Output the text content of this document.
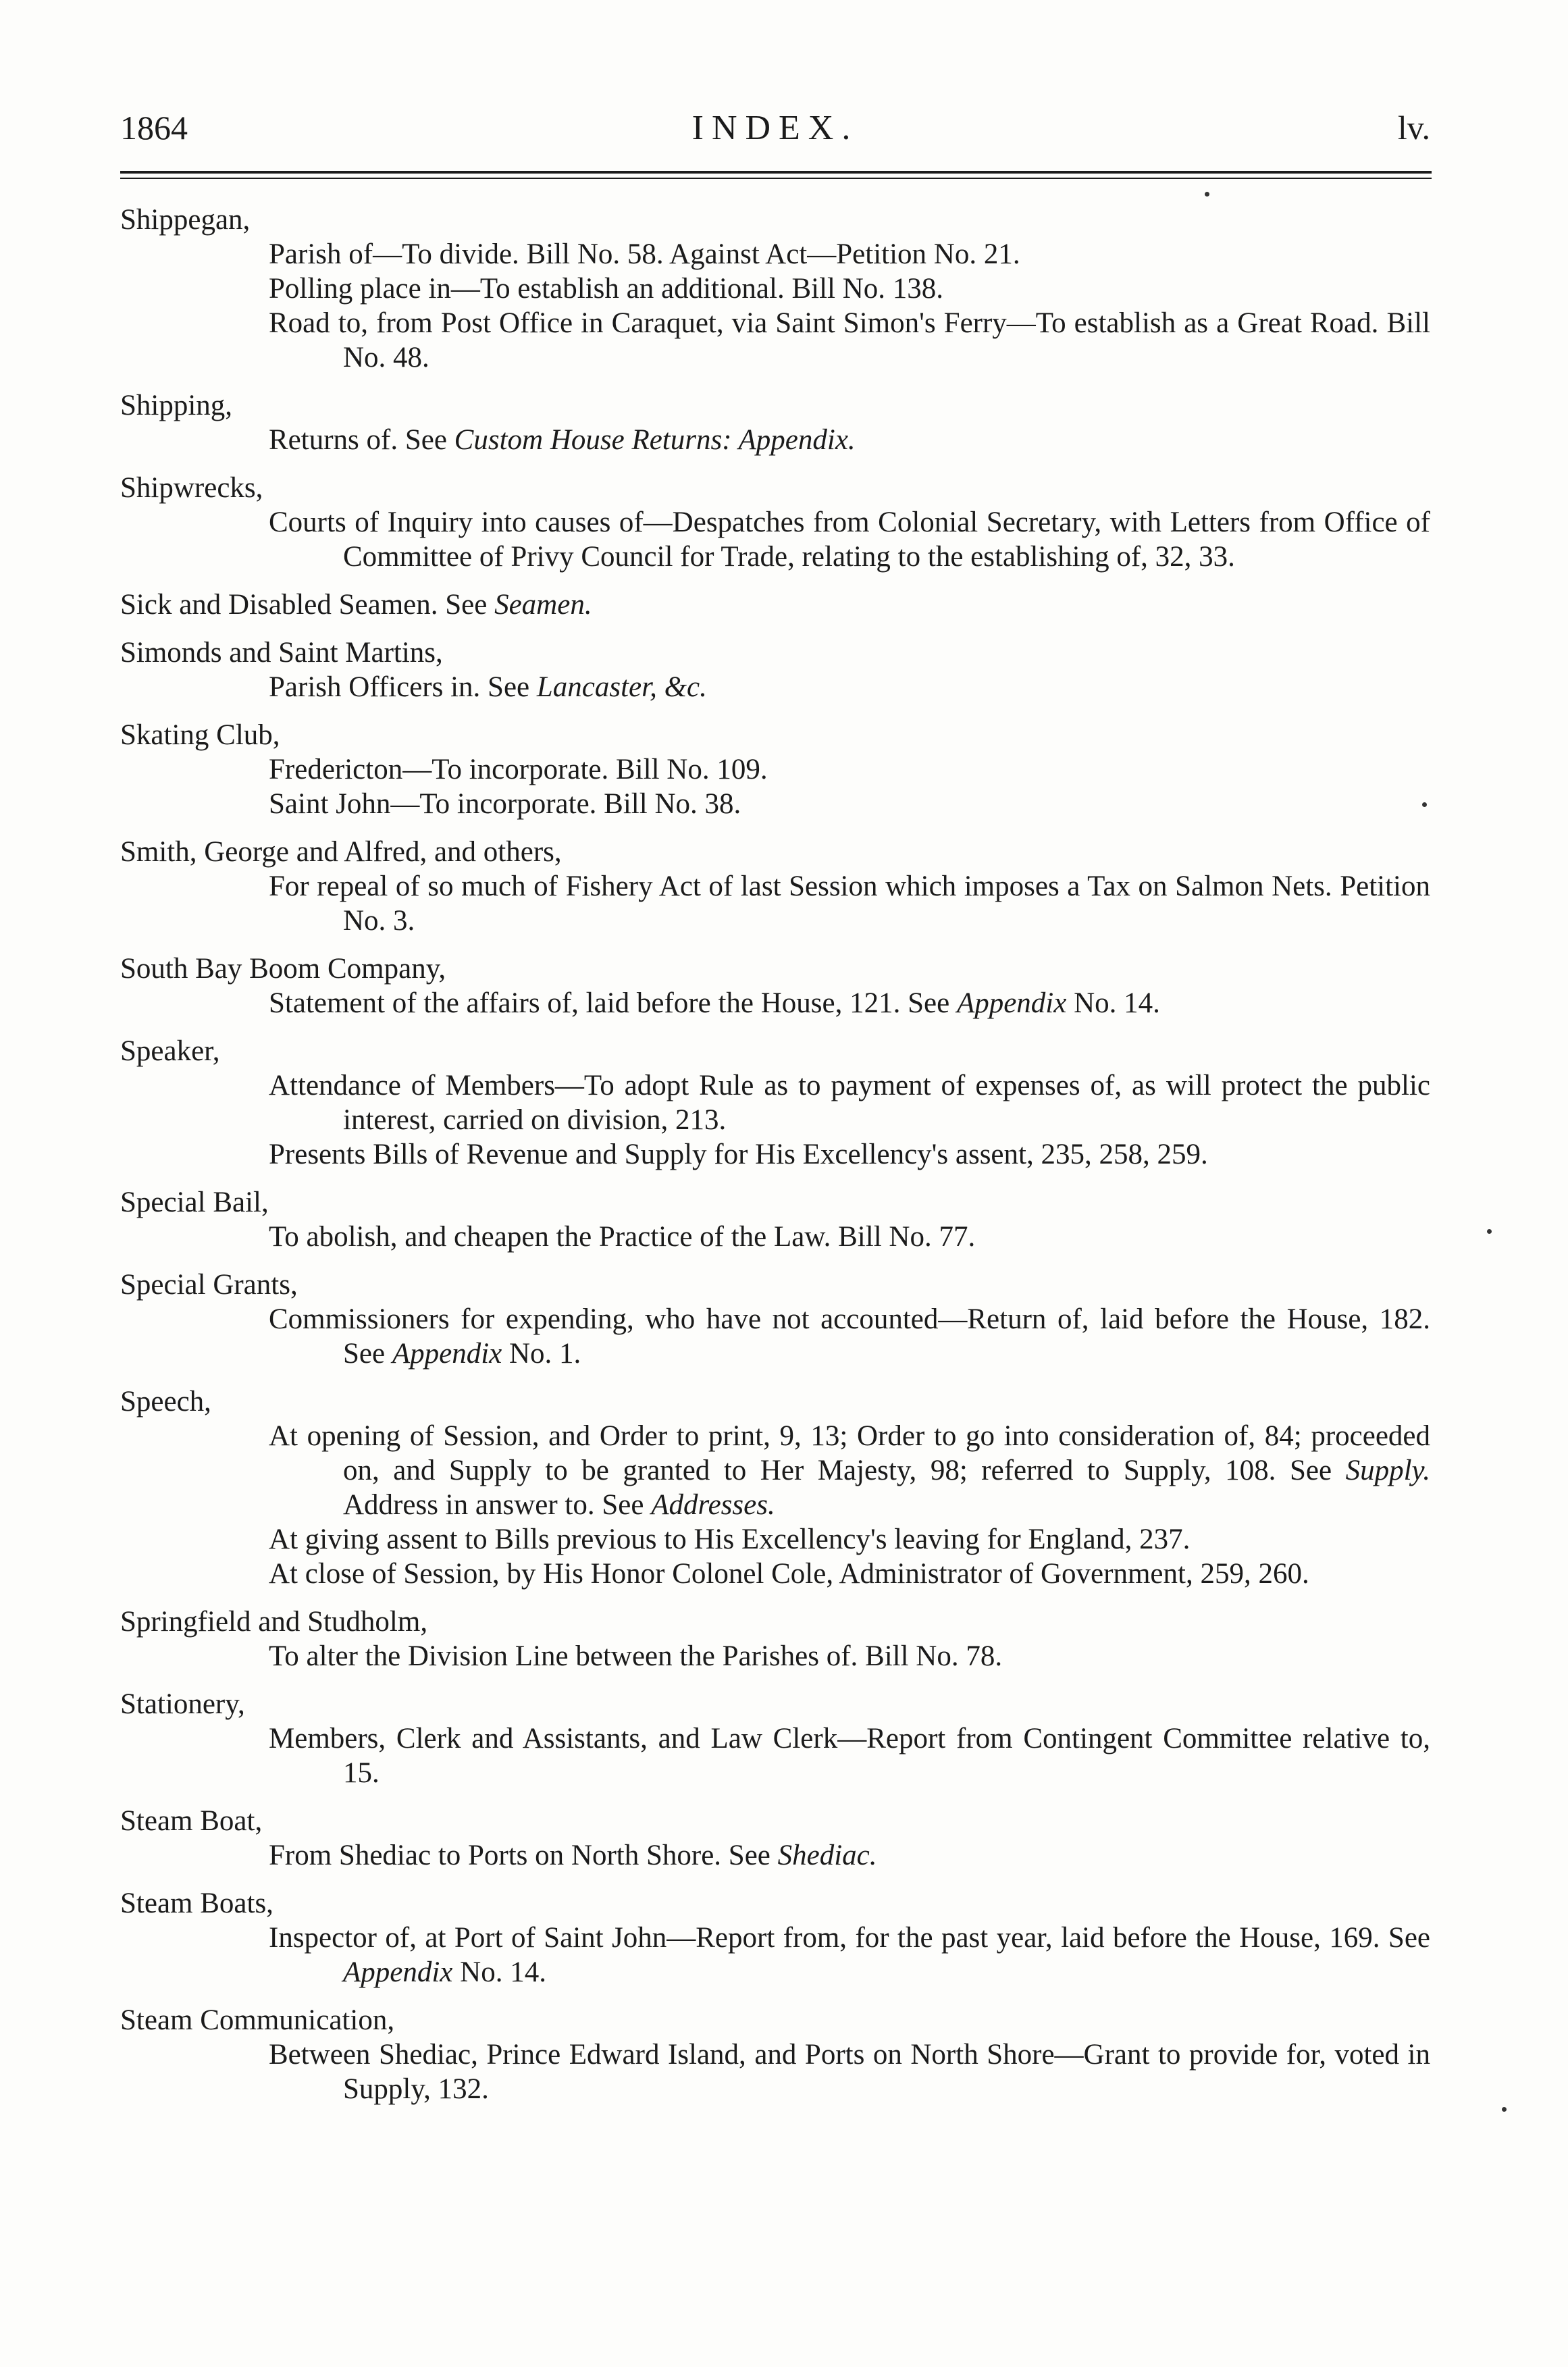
1864	INDEX.	lv.
Shippegan,
Parish of—To divide. Bill No. 58. Against Act—Petition No. 21.
Polling place in—To establish an additional. Bill No. 138.
Road to, from Post Office in Caraquet, via Saint Simon's Ferry—To establish as a Great Road. Bill No. 48.
Shipping,
Returns of. See Custom House Returns: Appendix.
Shipwrecks,
Courts of Inquiry into causes of—Despatches from Colonial Secretary, with Letters from Office of Committee of Privy Council for Trade, relating to the establishing of, 32, 33.
Sick and Disabled Seamen. See Seamen.
Simonds and Saint Martins,
Parish Officers in. See Lancaster, &c.
Skating Club,
Fredericton—To incorporate. Bill No. 109.
Saint John—To incorporate. Bill No. 38.
Smith, George and Alfred, and others,
For repeal of so much of Fishery Act of last Session which imposes a Tax on Salmon Nets. Petition No. 3.
South Bay Boom Company,
Statement of the affairs of, laid before the House, 121. See Appendix No. 14.
Speaker,
Attendance of Members—To adopt Rule as to payment of expenses of, as will protect the public interest, carried on division, 213.
Presents Bills of Revenue and Supply for His Excellency's assent, 235, 258, 259.
Special Bail,
To abolish, and cheapen the Practice of the Law. Bill No. 77.
Special Grants,
Commissioners for expending, who have not accounted—Return of, laid before the House, 182. See Appendix No. 1.
Speech,
At opening of Session, and Order to print, 9, 13; Order to go into consideration of, 84; proceeded on, and Supply to be granted to Her Majesty, 98; referred to Supply, 108. See Supply. Address in answer to. See Addresses.
At giving assent to Bills previous to His Excellency's leaving for England, 237.
At close of Session, by His Honor Colonel Cole, Administrator of Government, 259, 260.
Springfield and Studholm,
To alter the Division Line between the Parishes of. Bill No. 78.
Stationery,
Members, Clerk and Assistants, and Law Clerk—Report from Contingent Committee relative to, 15.
Steam Boat,
From Shediac to Ports on North Shore. See Shediac.
Steam Boats,
Inspector of, at Port of Saint John—Report from, for the past year, laid before the House, 169. See Appendix No. 14.
Steam Communication,
Between Shediac, Prince Edward Island, and Ports on North Shore—Grant to provide for, voted in Supply, 132.
